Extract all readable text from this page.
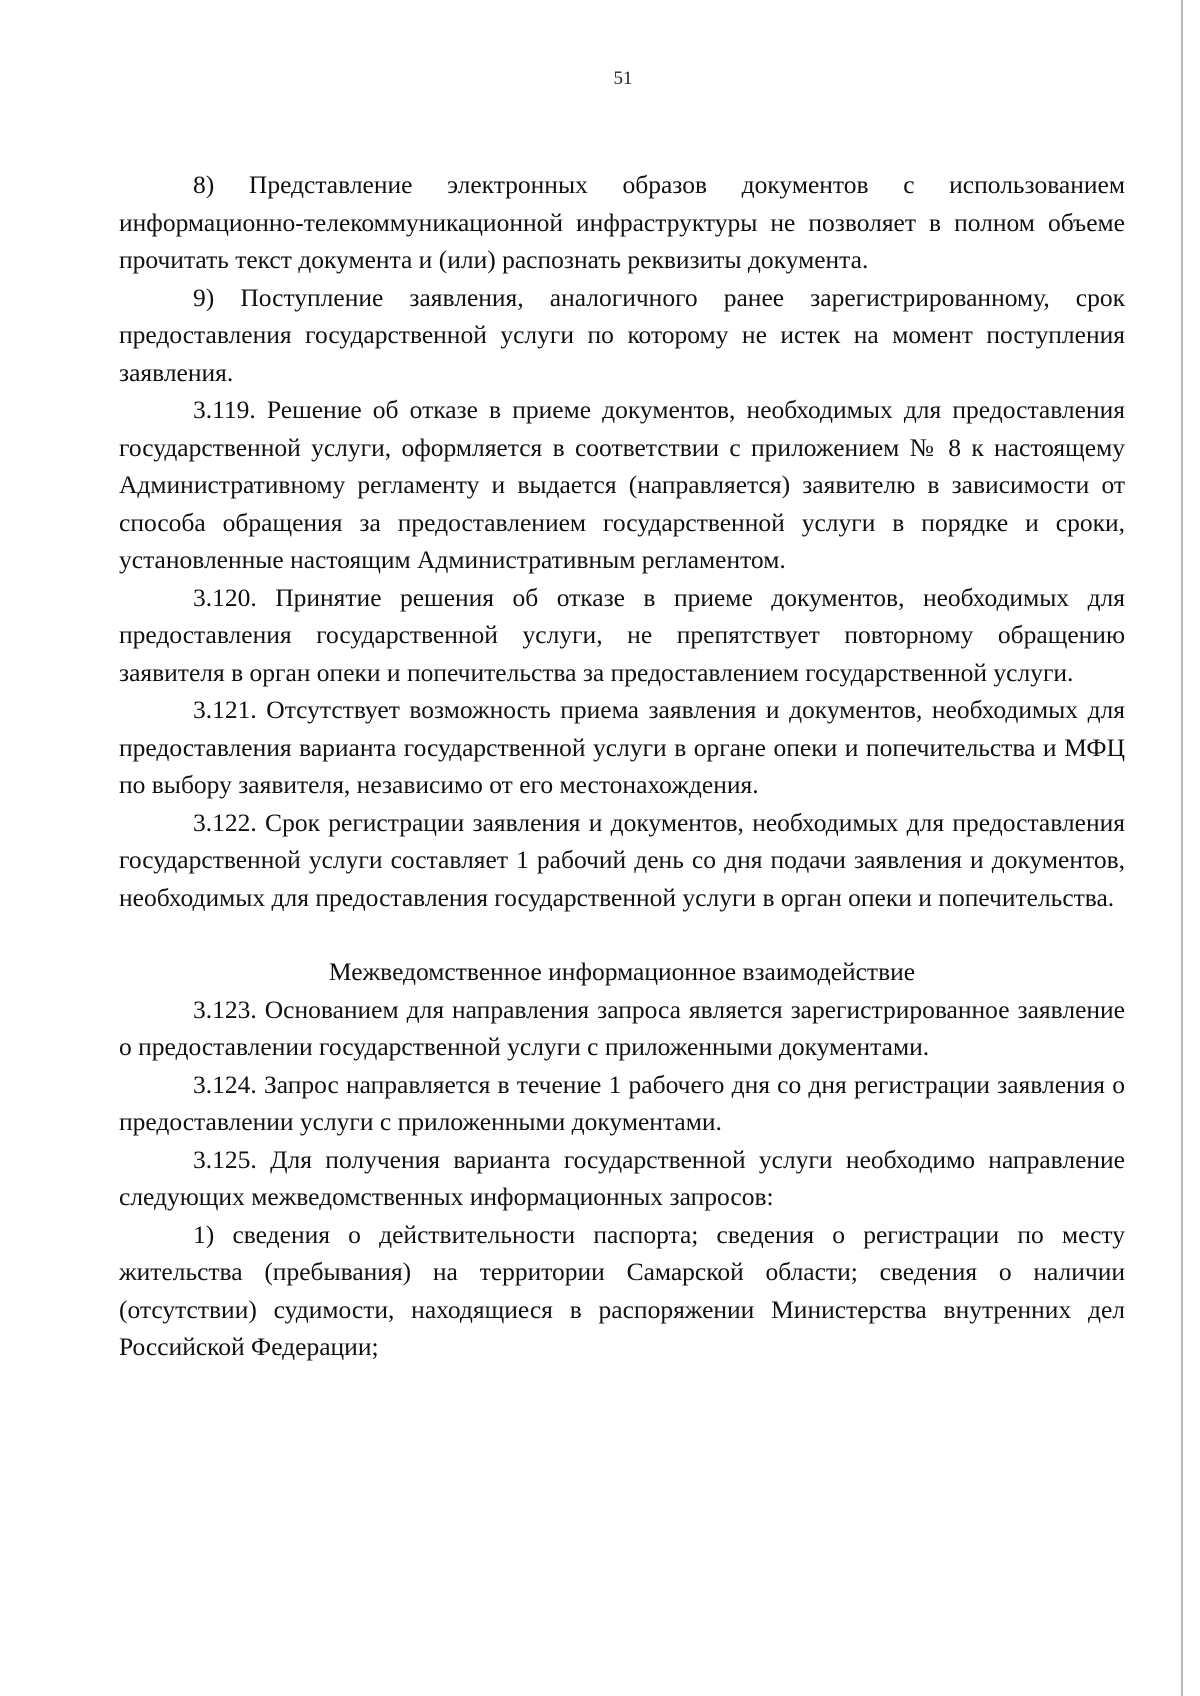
51

8) Представление электронных образов документов с использованием информационно-телекоммуникационной инфраструктуры не позволяет в полном объеме прочитать текст документа и (или) распознать реквизиты документа.

9) Поступление заявления, аналогичного ранее зарегистрированному, срок предоставления государственной услуги по которому не истек на момент поступления заявления.

3.119. Решение об отказе в приеме документов, необходимых для предоставления государственной услуги, оформляется в соответствии с приложением № 8 к настоящему Административному регламенту и выдается (направляется) заявителю в зависимости от способа обращения за предоставлением государственной услуги в порядке и сроки, установленные настоящим Административным регламентом.

3.120. Принятие решения об отказе в приеме документов, необходимых для предоставления государственной услуги, не препятствует повторному обращению заявителя в орган опеки и попечительства за предоставлением государственной услуги.

3.121. Отсутствует возможность приема заявления и документов, необходимых для предоставления варианта государственной услуги в органе опеки и попечительства и МФЦ по выбору заявителя, независимо от его местонахождения.

3.122. Срок регистрации заявления и документов, необходимых для предоставления государственной услуги составляет 1 рабочий день со дня подачи заявления и документов, необходимых для предоставления государственной услуги в орган опеки и попечительства.

Межведомственное информационное взаимодействие

3.123. Основанием для направления запроса является зарегистрированное заявление о предоставлении государственной услуги с приложенными документами.

3.124. Запрос направляется в течение 1 рабочего дня со дня регистрации заявления о предоставлении услуги с приложенными документами.

3.125. Для получения варианта государственной услуги необходимо направление следующих межведомственных информационных запросов:

1) сведения о действительности паспорта; сведения о регистрации по месту жительства (пребывания) на территории Самарской области; сведения о наличии (отсутствии) судимости, находящиеся в распоряжении Министерства внутренних дел Российской Федерации;
